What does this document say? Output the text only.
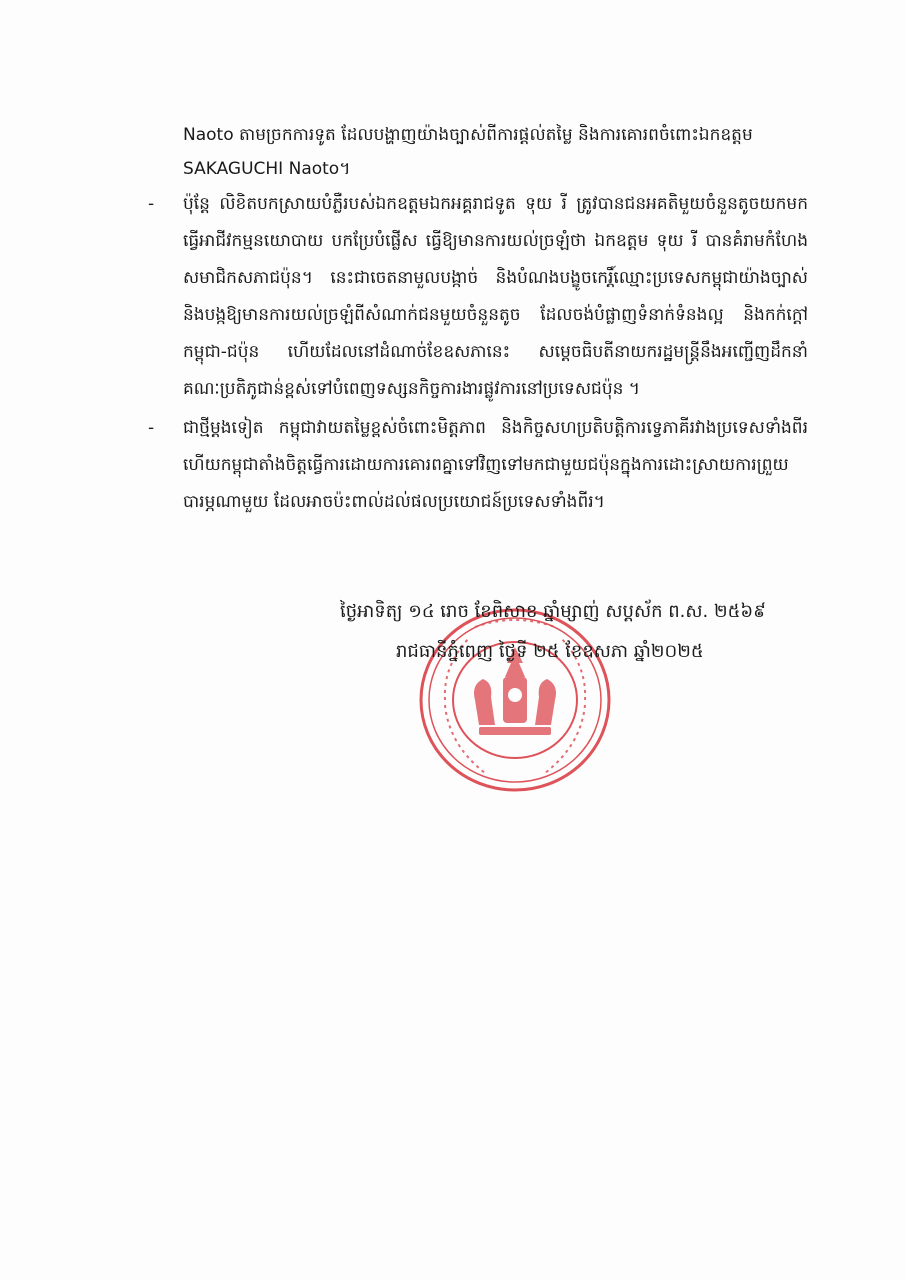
Naoto តាមច្រកការទូត ដែលបង្ហាញយ៉ាងច្បាស់ពីការផ្តល់តម្លៃ និងការគោរពចំពោះឯកឧត្តម
SAKAGUCHI Naoto។
-	ប៉ុន្តែ លិខិតបកស្រាយបំភ្លឺរបស់ឯកឧត្តមឯកអគ្គរាជទូត ទុយ រី ត្រូវបានជនអគតិមួយចំនួនតូចយកមកធ្វើអាជីវកម្មនយោបាយ បកប្រែបំផ្លើស ធ្វើឱ្យមានការយល់ច្រឡំថា ឯកឧត្តម ទុយ រី បានគំរាមកំហែងសមាជិកសភាជប៉ុន។ នេះជាចេតនាមួលបង្កាច់ និងបំណងបង្ខូចកេរ្តិ៍ឈ្មោះប្រទេសកម្ពុជាយ៉ាងច្បាស់ និងបង្កឱ្យមានការយល់ច្រឡំពីសំណាក់ជនមួយចំនួនតូច ដែលចង់បំផ្លាញទំនាក់ទំនងល្អ និងកក់ក្តៅកម្ពុជា-ជប៉ុន ហើយដែលនៅដំណាច់ខែឧសភានេះ សម្តេចធិបតីនាយករដ្ឋមន្ត្រីនឹងអញ្ជើញដឹកនាំគណៈប្រតិភូជាន់ខ្ពស់ទៅបំពេញទស្សនកិច្ចការងារផ្លូវការនៅប្រទេសជប៉ុន ។
-	ជាថ្មីម្តងទៀត កម្ពុជាវាយតម្លៃខ្ពស់ចំពោះមិត្តភាព និងកិច្ចសហប្រតិបត្តិការទ្វេភាគីរវាងប្រទេសទាំងពីរ ហើយកម្ពុជាតាំងចិត្តធ្វើការដោយការគោរពគ្នាទៅវិញទៅមកជាមួយជប៉ុនក្នុងការដោះស្រាយការព្រួយបារម្ភណាមួយ ដែលអាចប៉ះពាល់ដល់ផលប្រយោជន៍ប្រទេសទាំងពីរ។
ថ្ងៃអាទិត្យ ១៤ រោច ខែពិសាខ ឆ្នាំម្សាញ់ សប្តស័ក ព.ស. ២៥៦៩
រាជធានីភ្នំពេញ ថ្ងៃទី ២៥ ខែឧសភា ឆ្នាំ២០២៥
